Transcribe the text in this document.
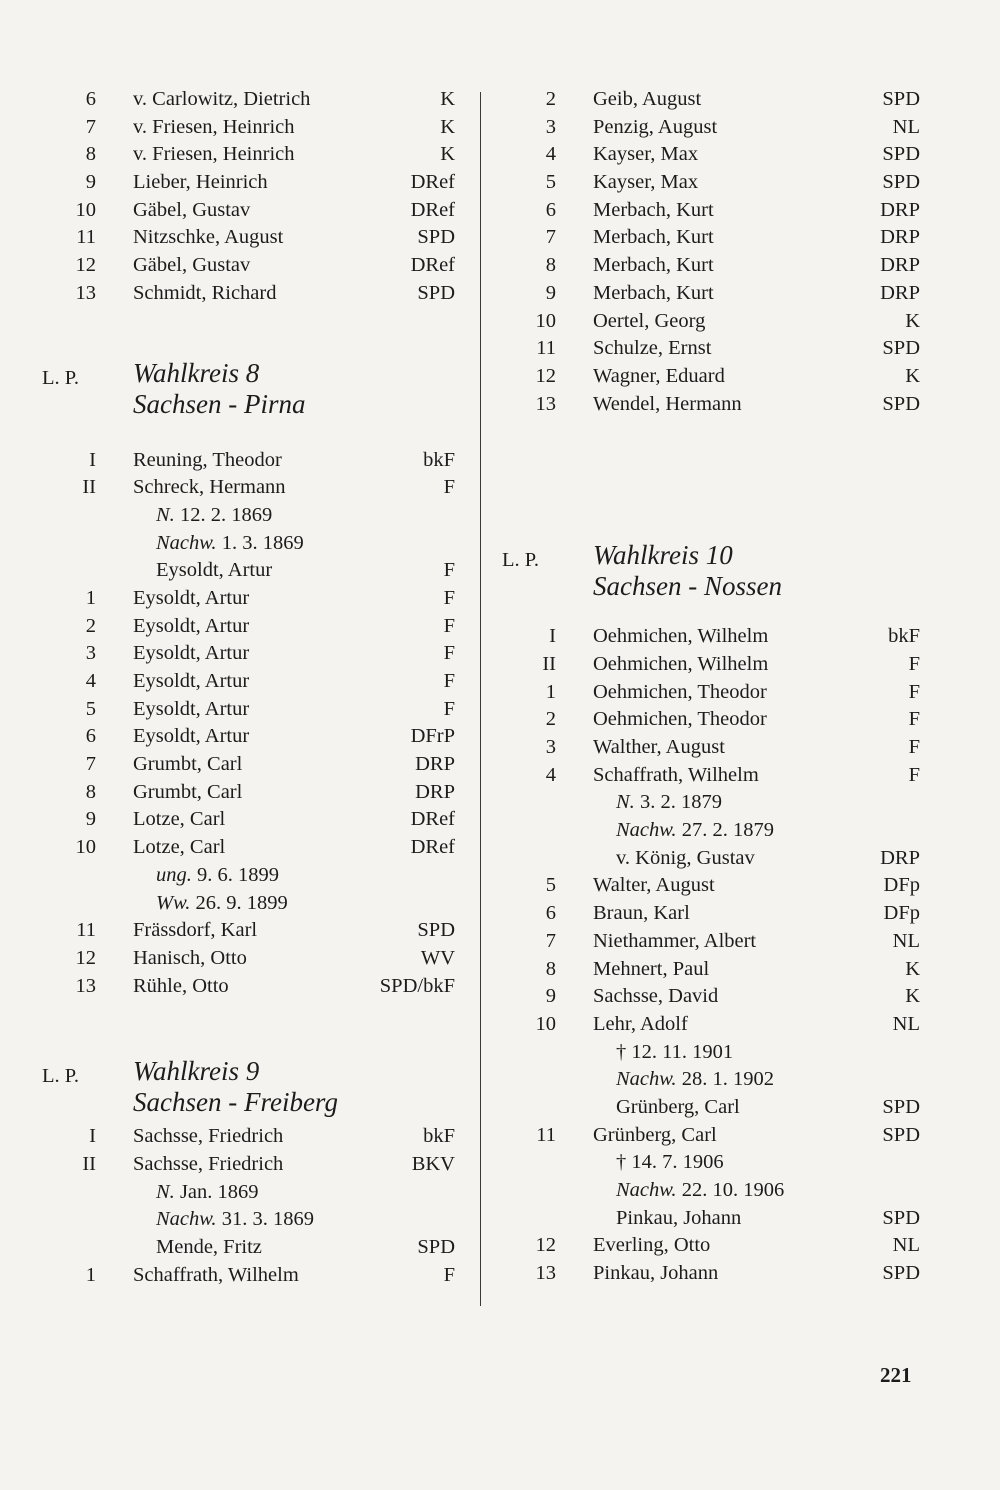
6 v. Carlowitz, Dietrich	K
7 v. Friesen, Heinrich	K
8 v. Friesen, Heinrich	K
9 Lieber, Heinrich	DRef
10 Gäbel, Gustav	DRef
11 Nitzschke, August	SPD
12 Gäbel, Gustav	DRef
13 Schmidt, Richard	SPD
L. P. Wahlkreis 8
Sachsen - Pirna
I Reuning, Theodor	bkF
II Schreck, Hermann	F
N. 12. 2. 1869
Nachw. 1. 3. 1869
Eysoldt, Artur	F
1 Eysoldt, Artur	F
2 Eysoldt, Artur	F
3 Eysoldt, Artur	F
4 Eysoldt, Artur	F
5 Eysoldt, Artur	F
6 Eysoldt, Artur	DFrP
7 Grumbt, Carl	DRP
8 Grumbt, Carl	DRP
9 Lotze, Carl	DRef
10 Lotze, Carl	DRef
ung. 9. 6. 1899
Ww. 26. 9. 1899
11 Frässdorf, Karl	SPD
12 Hanisch, Otto	WV
13 Rühle, Otto	SPD/bkF
L. P. Wahlkreis 9
Sachsen - Freiberg
I Sachsse, Friedrich	bkF
II Sachsse, Friedrich	BKV
N. Jan. 1869
Nachw. 31. 3. 1869
Mende, Fritz	SPD
1 Schaffrath, Wilhelm	F
2 Geib, August	SPD
3 Penzig, August	NL
4 Kayser, Max	SPD
5 Kayser, Max	SPD
6 Merbach, Kurt	DRP
7 Merbach, Kurt	DRP
8 Merbach, Kurt	DRP
9 Merbach, Kurt	DRP
10 Oertel, Georg	K
11 Schulze, Ernst	SPD
12 Wagner, Eduard	K
13 Wendel, Hermann	SPD
L. P. Wahlkreis 10
Sachsen - Nossen
I Oehmichen, Wilhelm	bkF
II Oehmichen, Wilhelm	F
1 Oehmichen, Theodor	F
2 Oehmichen, Theodor	F
3 Walther, August	F
4 Schaffrath, Wilhelm	F
N. 3. 2. 1879
Nachw. 27. 2. 1879
v. König, Gustav	DRP
5 Walter, August	DFp
6 Braun, Karl	DFp
7 Niethammer, Albert	NL
8 Mehnert, Paul	K
9 Sachsse, David	K
10 Lehr, Adolf	NL
† 12. 11. 1901
Nachw. 28. 1. 1902
Grünberg, Carl	SPD
11 Grünberg, Carl	SPD
† 14. 7. 1906
Nachw. 22. 10. 1906
Pinkau, Johann	SPD
12 Everling, Otto	NL
13 Pinkau, Johann	SPD
221
